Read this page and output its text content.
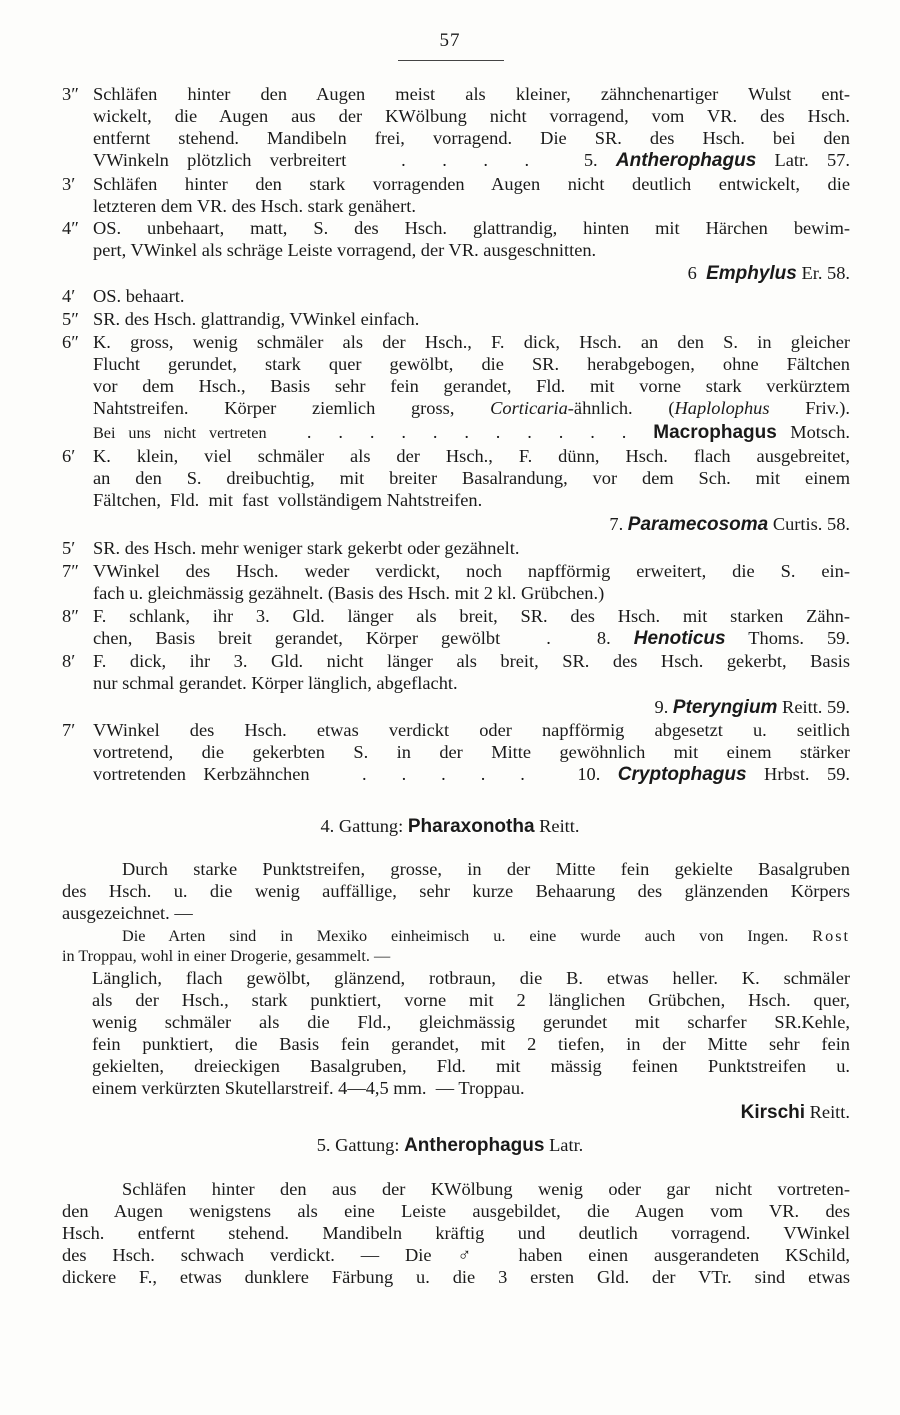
57
3″ Schläfen hinter den Augen meist als kleiner, zähnchenartiger Wulst ent-
wickelt, die Augen aus der KWölbung nicht vorragend, vom VR. des Hsch.
entfernt stehend. Mandibeln frei, vorragend. Die SR. des Hsch. bei den
VWinkeln plötzlich verbreitert   .  .  .  .   5. Antherophagus Latr. 57.
3′ Schläfen hinter den stark vorragenden Augen nicht deutlich entwickelt, die
letzteren dem VR. des Hsch. stark genähert.
4″ OS. unbehaart, matt, S. des Hsch. glattrandig, hinten mit Härchen bewim-
pert, VWinkel als schräge Leiste vorragend, der VR. ausgeschnitten.
6  Emphylus Er. 58.
4′ OS. behaart.
5″ SR. des Hsch. glattrandig, VWinkel einfach.
6″ K. gross, wenig schmäler als der Hsch., F. dick, Hsch. an den S. in gleicher
Flucht gerundet, stark quer gewölbt, die SR. herabgebogen, ohne Fältchen
vor dem Hsch., Basis sehr fein gerandet, Fld. mit vorne stark verkürztem
Nahtstreifen. Körper ziemlich gross, Corticaria-ähnlich. (Haplolophus Friv.).
Bei uns nicht vertreten   .  .  .  .  .  .  .  .  .  .  .  Macrophagus Motsch.
6′ K. klein, viel schmäler als der Hsch., F. dünn, Hsch. flach ausgebreitet,
an den S. dreibuchtig, mit breiter Basalrandung, vor dem Sch. mit einem
Fältchen,  Fld.  mit  fast  vollständigem Nahtstreifen.
7. Paramecosoma Curtis. 58.
5′ SR. des Hsch. mehr weniger stark gekerbt oder gezähnelt.
7″ VWinkel des Hsch. weder verdickt, noch napfförmig erweitert, die S. ein-
fach u. gleichmässig gezähnelt. (Basis des Hsch. mit 2 kl. Grübchen.)
8″ F. schlank, ihr 3. Gld. länger als breit, SR. des Hsch. mit starken Zähn-
chen, Basis breit gerandet, Körper gewölbt  .  8. Henoticus Thoms. 59.
8′ F. dick, ihr 3. Gld. nicht länger als breit, SR. des Hsch. gekerbt, Basis
nur schmal gerandet. Körper länglich, abgeflacht.
9. Pteryngium Reitt. 59.
7′ VWinkel des Hsch. etwas verdickt oder napfförmig abgesetzt u. seitlich
vortretend, die gekerbten S. in der Mitte gewöhnlich mit einem stärker
vortretenden Kerbzähnchen   .  .  .  .  .   10. Cryptophagus Hrbst. 59.
4. Gattung: Pharaxonotha Reitt.
Durch starke Punktstreifen, grosse, in der Mitte fein gekielte Basalgruben
des Hsch. u. die wenig auffällige, sehr kurze Behaarung des glänzenden Körpers
ausgezeichnet. —
Die Arten sind in Mexiko einheimisch u. eine wurde auch von Ingen. Rost
in Troppau, wohl in einer Drogerie, gesammelt. —
Länglich, flach gewölbt, glänzend, rotbraun, die B. etwas heller. K. schmäler
als der Hsch., stark punktiert, vorne mit 2 länglichen Grübchen, Hsch. quer,
wenig schmäler als die Fld., gleichmässig gerundet mit scharfer SR.Kehle,
fein punktiert, die Basis fein gerandet, mit 2 tiefen, in der Mitte sehr fein
gekielten, dreieckigen Basalgruben, Fld. mit mässig feinen Punktstreifen u.
einem verkürzten Skutellarstreif. 4—4,5 mm.  — Troppau.
Kirschi Reitt.
5. Gattung: Antherophagus Latr.
Schläfen hinter den aus der KWölbung wenig oder gar nicht vortreten-
den Augen wenigstens als eine Leiste ausgebildet, die Augen vom VR. des
Hsch. entfernt stehend. Mandibeln kräftig und deutlich vorragend. VWinkel
des Hsch. schwach verdickt. — Die ♂ haben einen ausgerandeten KSchild,
dickere F., etwas dunklere Färbung u. die 3 ersten Gld. der VTr. sind etwas
